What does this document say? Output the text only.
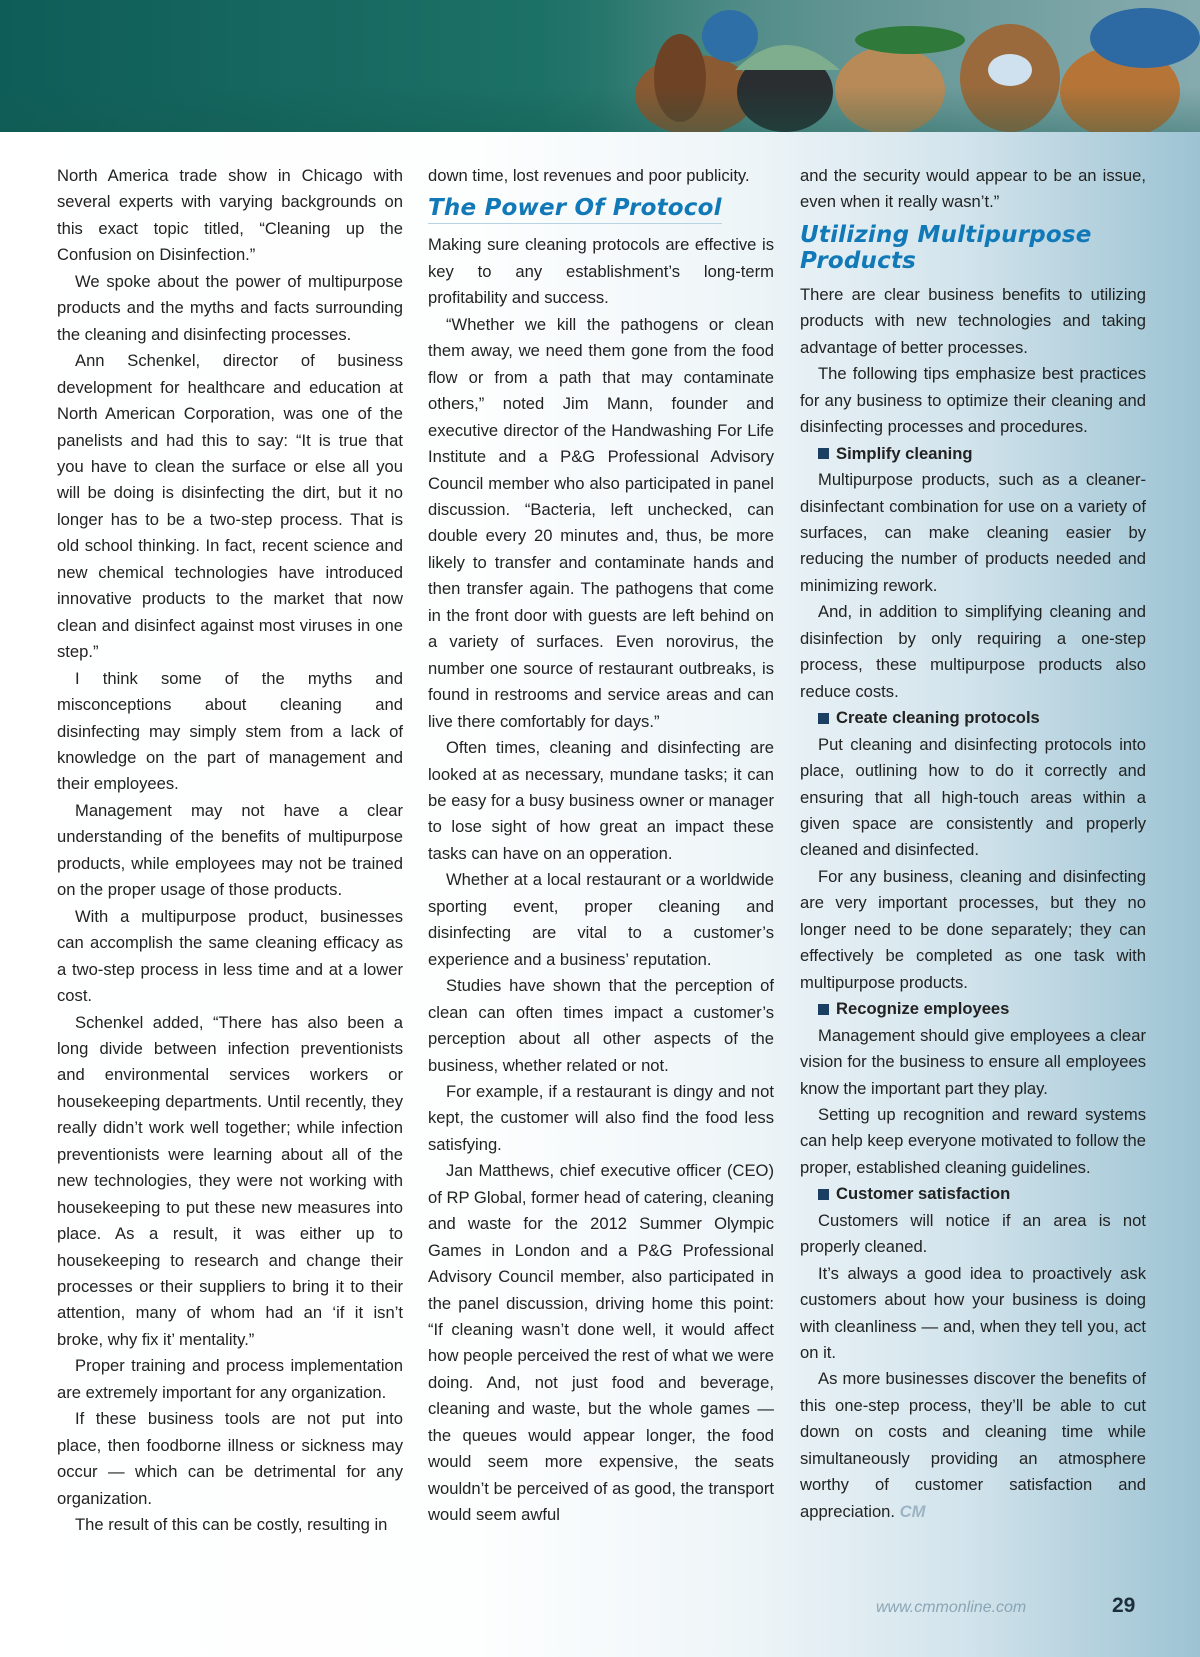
North America trade show in Chicago with several experts with varying backgrounds on this exact topic titled, “Cleaning up the Confusion on Disinfection.”

We spoke about the power of multipurpose products and the myths and facts surrounding the cleaning and disinfecting processes.

Ann Schenkel, director of business development for healthcare and education at North American Corporation, was one of the panelists and had this to say: “It is true that you have to clean the surface or else all you will be doing is disinfecting the dirt, but it no longer has to be a two-step process. That is old school thinking. In fact, recent science and new chemical technologies have introduced innovative products to the market that now clean and disinfect against most viruses in one step.”

I think some of the myths and misconceptions about cleaning and disinfecting may simply stem from a lack of knowledge on the part of management and their employees.

Management may not have a clear understanding of the benefits of multipurpose products, while employees may not be trained on the proper usage of those products.

With a multipurpose product, businesses can accomplish the same cleaning efficacy as a two-step process in less time and at a lower cost.

Schenkel added, “There has also been a long divide between infection preventionists and environmental services workers or housekeeping departments. Until recently, they really didn’t work well together; while infection preventionists were learning about all of the new technologies, they were not working with housekeeping to put these new measures into place. As a result, it was either up to housekeeping to research and change their processes or their suppliers to bring it to their attention, many of whom had an ‘if it isn’t broke, why fix it’ mentality.”

Proper training and process implementation are extremely important for any organization.

If these business tools are not put into place, then foodborne illness or sickness may occur — which can be detrimental for any organization.

The result of this can be costly, resulting in

down time, lost revenues and poor publicity.

The Power Of Protocol

Making sure cleaning protocols are effective is key to any establishment’s long-term profitability and success.

“Whether we kill the pathogens or clean them away, we need them gone from the food flow or from a path that may contaminate others,” noted Jim Mann, founder and executive director of the Handwashing For Life Institute and a P&G Professional Advisory Council member who also participated in panel discussion. “Bacteria, left unchecked, can double every 20 minutes and, thus, be more likely to transfer and contaminate hands and then transfer again. The pathogens that come in the front door with guests are left behind on a variety of surfaces. Even norovirus, the number one source of restaurant outbreaks, is found in restrooms and service areas and can live there comfortably for days.”

Often times, cleaning and disinfecting are looked at as necessary, mundane tasks; it can be easy for a busy business owner or manager to lose sight of how great an impact these tasks can have on an opperation.

Whether at a local restaurant or a worldwide sporting event, proper cleaning and disinfecting are vital to a customer’s experience and a business’ reputation.

Studies have shown that the perception of clean can often times impact a customer’s perception about all other aspects of the business, whether related or not.

For example, if a restaurant is dingy and not kept, the customer will also find the food less satisfying.

Jan Matthews, chief executive officer (CEO) of RP Global, former head of catering, cleaning and waste for the 2012 Summer Olympic Games in London and a P&G Professional Advisory Council member, also participated in the panel discussion, driving home this point: “If cleaning wasn’t done well, it would affect how people perceived the rest of what we were doing. And, not just food and beverage, cleaning and waste, but the whole games — the queues would appear longer, the food would seem more expensive, the seats wouldn’t be perceived of as good, the transport would seem awful

and the security would appear to be an issue, even when it really wasn’t.”

Utilizing Multipurpose Products

There are clear business benefits to utilizing products with new technologies and taking advantage of better processes.

The following tips emphasize best practices for any business to optimize their cleaning and disinfecting processes and procedures.

Simplify cleaning

Multipurpose products, such as a cleaner-disinfectant combination for use on a variety of surfaces, can make cleaning easier by reducing the number of products needed and minimizing rework.

And, in addition to simplifying cleaning and disinfection by only requiring a one-step process, these multipurpose products also reduce costs.

Create cleaning protocols

Put cleaning and disinfecting protocols into place, outlining how to do it correctly and ensuring that all high-touch areas within a given space are consistently and properly cleaned and disinfected.

For any business, cleaning and disinfecting are very important processes, but they no longer need to be done separately; they can effectively be completed as one task with multipurpose products.

Recognize employees

Management should give employees a clear vision for the business to ensure all employees know the important part they play.

Setting up recognition and reward systems can help keep everyone motivated to follow the proper, established cleaning guidelines.

Customer satisfaction

Customers will notice if an area is not properly cleaned.

It’s always a good idea to proactively ask customers about how your business is doing with cleanliness — and, when they tell you, act on it.

As more businesses discover the benefits of this one-step process, they’ll be able to cut down on costs and cleaning time while simultaneously providing an atmosphere worthy of customer satisfaction and appreciation. CM

www.cmmonline.com	29
